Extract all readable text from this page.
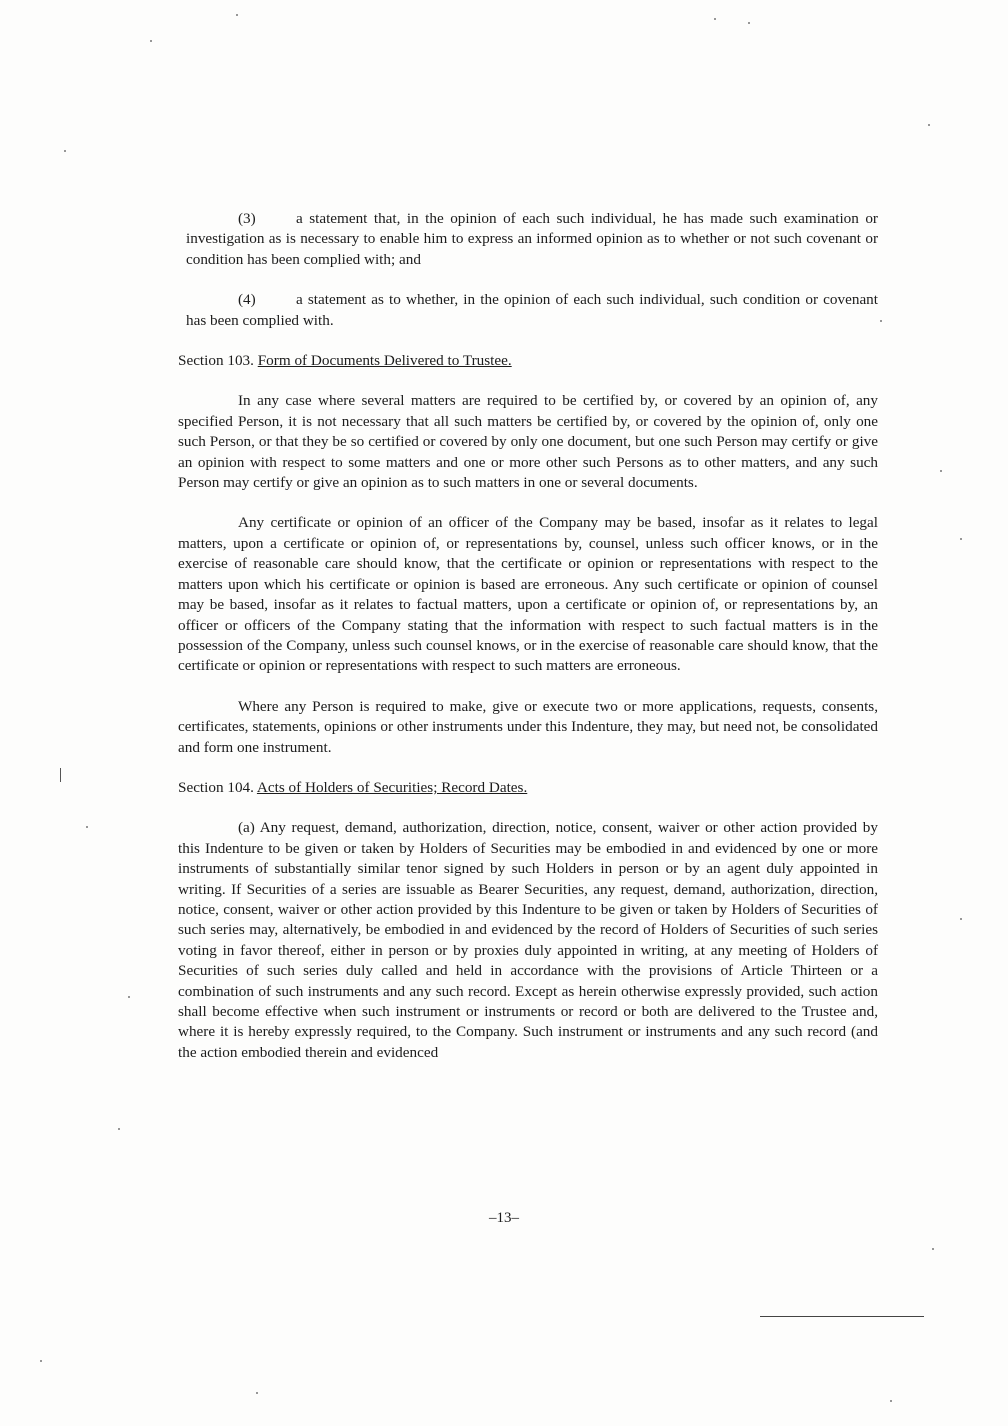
(3)	a statement that, in the opinion of each such individual, he has made such examination or investigation as is necessary to enable him to express an informed opinion as to whether or not such covenant or condition has been complied with; and

(4)	a statement as to whether, in the opinion of each such individual, such condition or covenant has been complied with.

Section 103. Form of Documents Delivered to Trustee.

In any case where several matters are required to be certified by, or covered by an opinion of, any specified Person, it is not necessary that all such matters be certified by, or covered by the opinion of, only one such Person, or that they be so certified or covered by only one document, but one such Person may certify or give an opinion with respect to some matters and one or more other such Persons as to other matters, and any such Person may certify or give an opinion as to such matters in one or several documents.

Any certificate or opinion of an officer of the Company may be based, insofar as it relates to legal matters, upon a certificate or opinion of, or representations by, counsel, unless such officer knows, or in the exercise of reasonable care should know, that the certificate or opinion or representations with respect to the matters upon which his certificate or opinion is based are erroneous. Any such certificate or opinion of counsel may be based, insofar as it relates to factual matters, upon a certificate or opinion of, or representations by, an officer or officers of the Company stating that the information with respect to such factual matters is in the possession of the Company, unless such counsel knows, or in the exercise of reasonable care should know, that the certificate or opinion or representations with respect to such matters are erroneous.

Where any Person is required to make, give or execute two or more applications, requests, consents, certificates, statements, opinions or other instruments under this Indenture, they may, but need not, be consolidated and form one instrument.

Section 104. Acts of Holders of Securities; Record Dates.

(a) Any request, demand, authorization, direction, notice, consent, waiver or other action provided by this Indenture to be given or taken by Holders of Securities may be embodied in and evidenced by one or more instruments of substantially similar tenor signed by such Holders in person or by an agent duly appointed in writing. If Securities of a series are issuable as Bearer Securities, any request, demand, authorization, direction, notice, consent, waiver or other action provided by this Indenture to be given or taken by Holders of Securities of such series may, alternatively, be embodied in and evidenced by the record of Holders of Securities of such series voting in favor thereof, either in person or by proxies duly appointed in writing, at any meeting of Holders of Securities of such series duly called and held in accordance with the provisions of Article Thirteen or a combination of such instruments and any such record. Except as herein otherwise expressly provided, such action shall become effective when such instrument or instruments or record or both are delivered to the Trustee and, where it is hereby expressly required, to the Company. Such instrument or instruments and any such record (and the action embodied therein and evidenced

–13–
